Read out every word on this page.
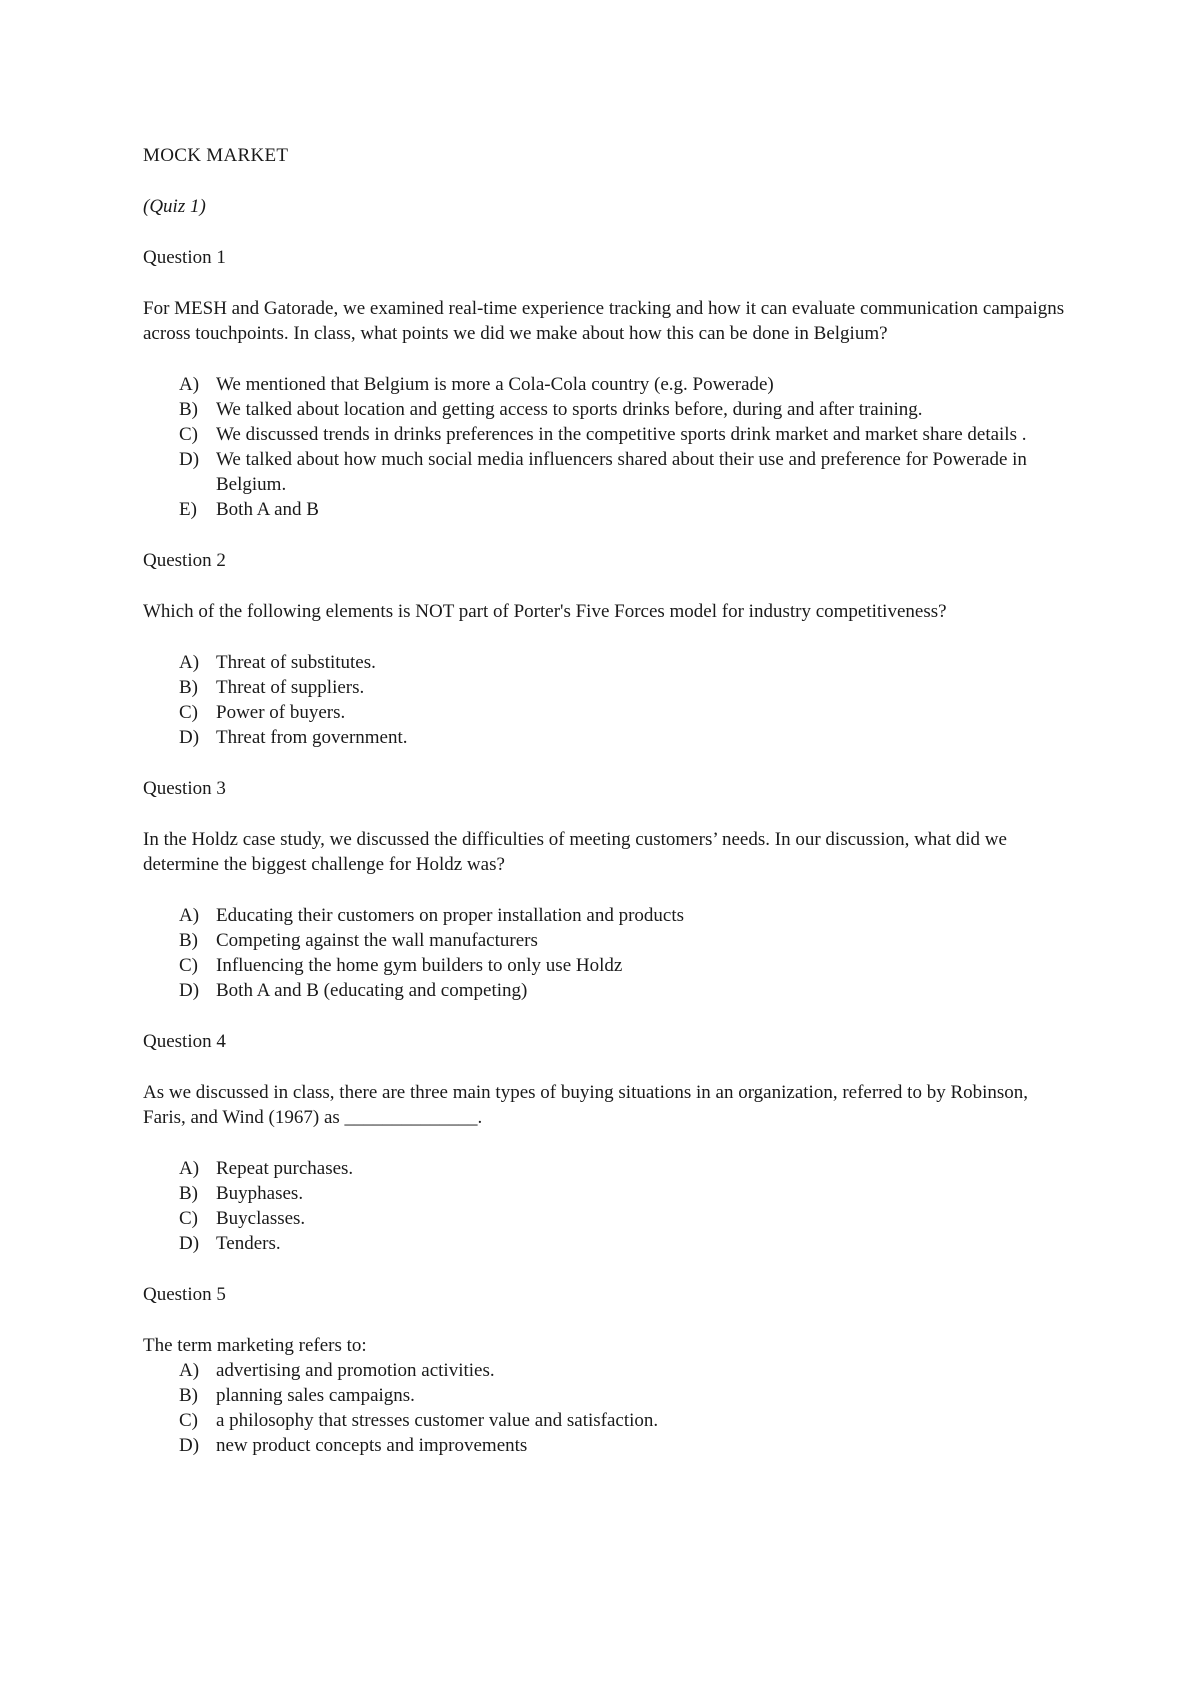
MOCK MARKET
(Quiz 1)
Question 1
For MESH and Gatorade, we examined real-time experience tracking and how it can evaluate communication campaigns across touchpoints. In class, what points we did we make about how this can be done in Belgium?
A) We mentioned that Belgium is more a Cola-Cola country (e.g. Powerade)
B) We talked about location and getting access to sports drinks before, during and after training.
C) We discussed trends in drinks preferences in the competitive sports drink market and market share details .
D) We talked about how much social media influencers shared about their use and preference for Powerade in Belgium.
E) Both A and B
Question 2
Which of the following elements is NOT part of Porter's Five Forces model for industry competitiveness?
A) Threat of substitutes.
B) Threat of suppliers.
C) Power of buyers.
D) Threat from government.
Question 3
In the Holdz case study, we discussed the difficulties of meeting customers’ needs. In our discussion, what did we determine the biggest challenge for Holdz was?
A) Educating their customers on proper installation and products
B) Competing against the wall manufacturers
C) Influencing the home gym builders to only use Holdz
D) Both A and B (educating and competing)
Question 4
As we discussed in class, there are three main types of buying situations in an organization, referred to by Robinson, Faris, and Wind (1967) as ______________.
A) Repeat purchases.
B) Buyphases.
C) Buyclasses.
D) Tenders.
Question 5
The term marketing refers to:
A) advertising and promotion activities.
B) planning sales campaigns.
C) a philosophy that stresses customer value and satisfaction.
D) new product concepts and improvements
